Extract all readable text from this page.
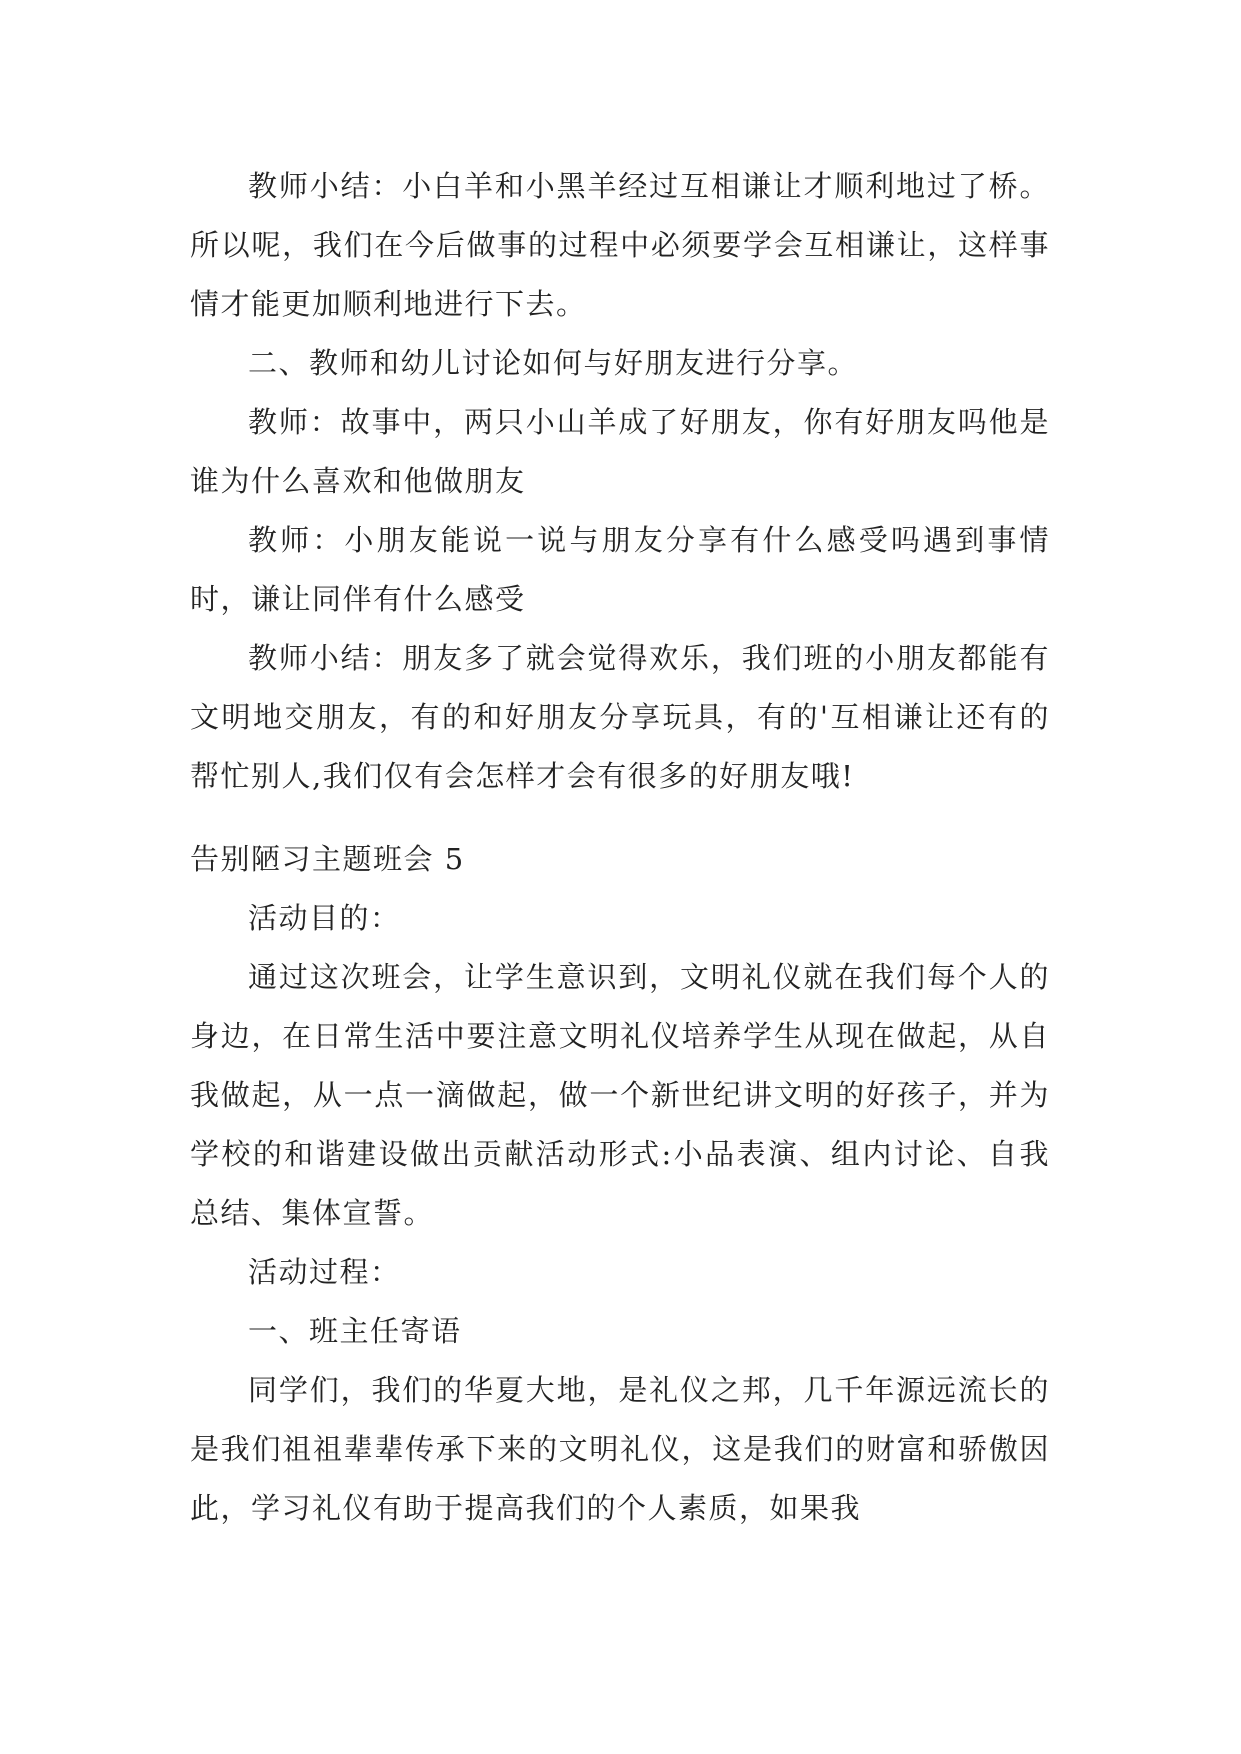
教师小结：小白羊和小黑羊经过互相谦让才顺利地过了桥。所以呢，我们在今后做事的过程中必须要学会互相谦让，这样事情才能更加顺利地进行下去。

二、教师和幼儿讨论如何与好朋友进行分享。

教师：故事中，两只小山羊成了好朋友，你有好朋友吗他是谁为什么喜欢和他做朋友

教师：小朋友能说一说与朋友分享有什么感受吗遇到事情时，谦让同伴有什么感受

教师小结：朋友多了就会觉得欢乐，我们班的小朋友都能有文明地交朋友，有的和好朋友分享玩具，有的'互相谦让还有的帮忙别人,我们仅有会怎样才会有很多的好朋友哦!

告别陋习主题班会 5

活动目的：

通过这次班会，让学生意识到，文明礼仪就在我们每个人的身边，在日常生活中要注意文明礼仪培养学生从现在做起，从自我做起，从一点一滴做起，做一个新世纪讲文明的好孩子，并为学校的和谐建设做出贡献活动形式:小品表演、组内讨论、自我总结、集体宣誓。

活动过程：

一、班主任寄语

同学们，我们的华夏大地，是礼仪之邦，几千年源远流长的是我们祖祖辈辈传承下来的文明礼仪，这是我们的财富和骄傲因此，学习礼仪有助于提高我们的个人素质，如果我
